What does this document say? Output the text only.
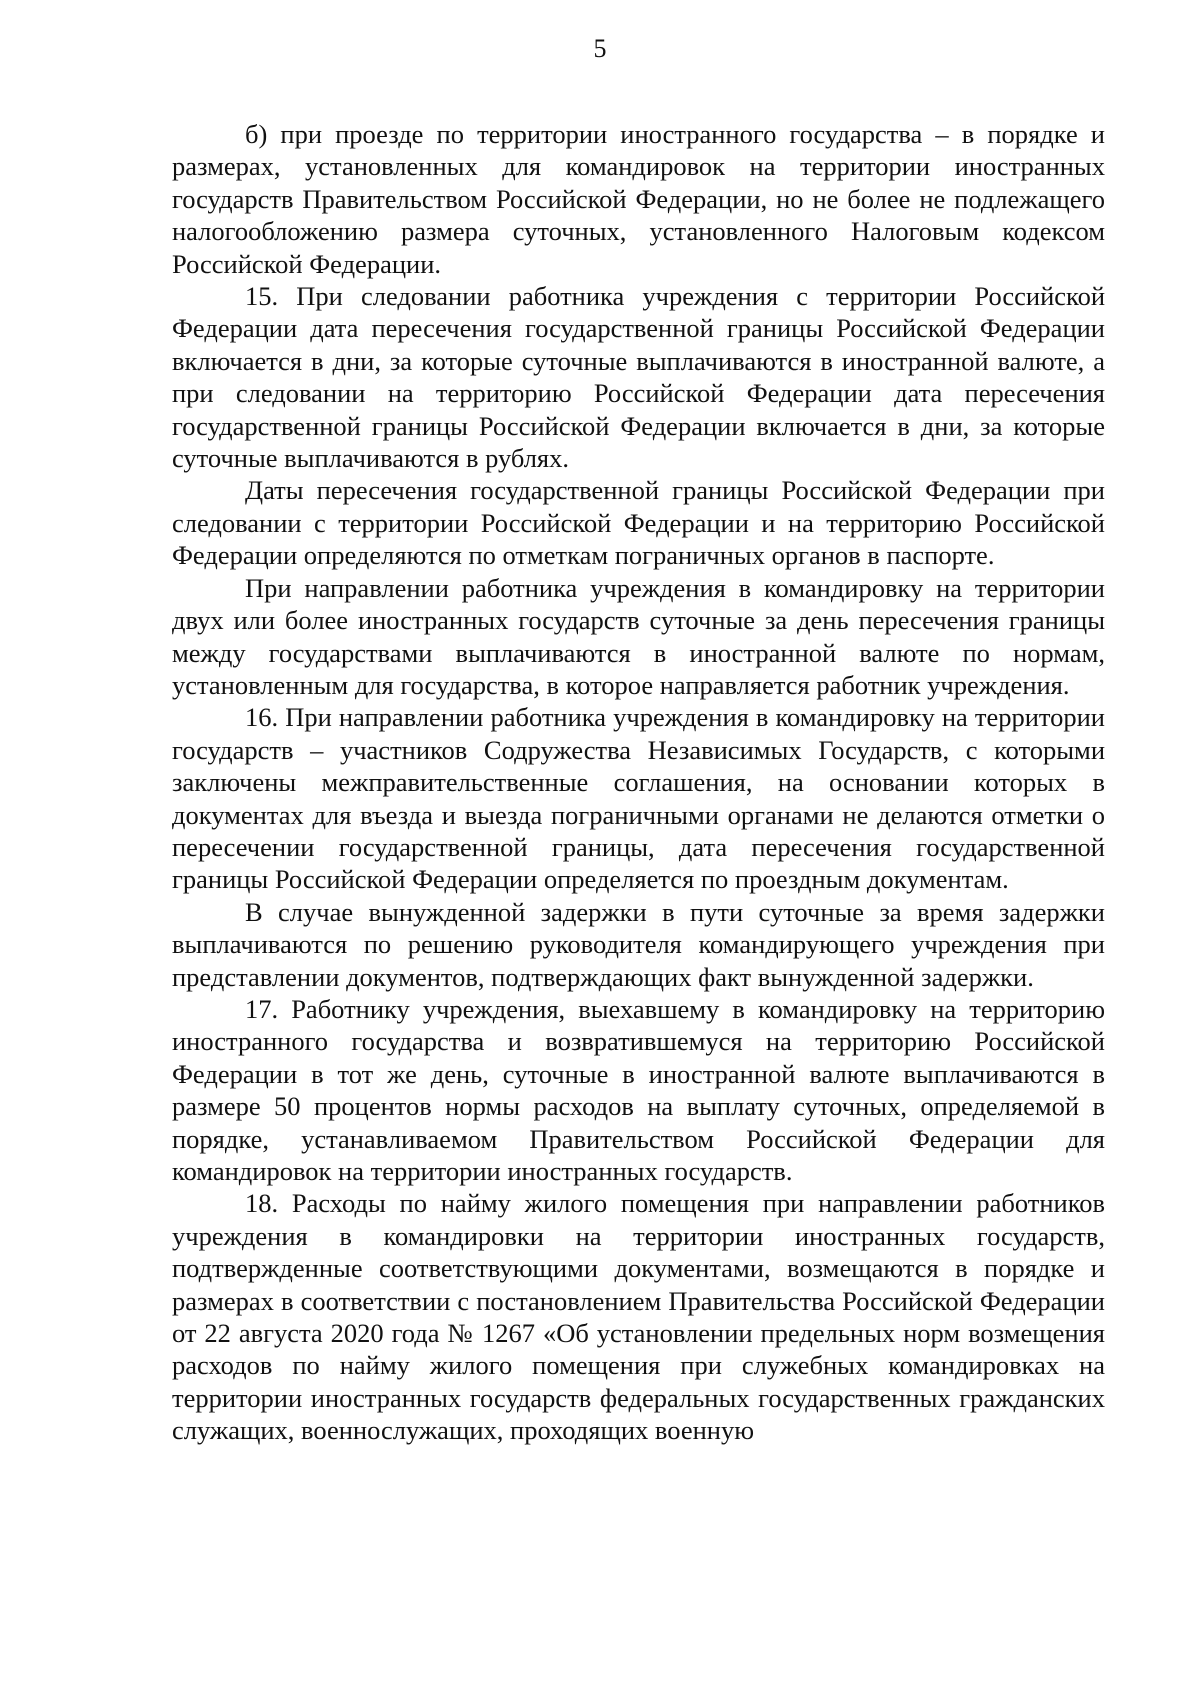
5

б) при проезде по территории иностранного государства – в порядке и размерах, установленных для командировок на территории иностранных государств Правительством Российской Федерации, но не более не подлежащего налогообложению размера суточных, установленного Налоговым кодексом Российской Федерации.

15. При следовании работника учреждения с территории Российской Федерации дата пересечения государственной границы Российской Федерации включается в дни, за которые суточные выплачиваются в иностранной валюте, а при следовании на территорию Российской Федерации дата пересечения государственной границы Российской Федерации включается в дни, за которые суточные выплачиваются в рублях.

Даты пересечения государственной границы Российской Федерации при следовании с территории Российской Федерации и на территорию Российской Федерации определяются по отметкам пограничных органов в паспорте.

При направлении работника учреждения в командировку на территории двух или более иностранных государств суточные за день пересечения границы между государствами выплачиваются в иностранной валюте по нормам, установленным для государства, в которое направляется работник учреждения.

16. При направлении работника учреждения в командировку на территории государств – участников Содружества Независимых Государств, с которыми заключены межправительственные соглашения, на основании которых в документах для въезда и выезда пограничными органами не делаются отметки о пересечении государственной границы, дата пересечения государственной границы Российской Федерации определяется по проездным документам.

В случае вынужденной задержки в пути суточные за время задержки выплачиваются по решению руководителя командирующего учреждения при представлении документов, подтверждающих факт вынужденной задержки.

17. Работнику учреждения, выехавшему в командировку на территорию иностранного государства и возвратившемуся на территорию Российской Федерации в тот же день, суточные в иностранной валюте выплачиваются в размере 50 процентов нормы расходов на выплату суточных, определяемой в порядке, устанавливаемом Правительством Российской Федерации для командировок на территории иностранных государств.

18. Расходы по найму жилого помещения при направлении работников учреждения в командировки на территории иностранных государств, подтвержденные соответствующими документами, возмещаются в порядке и размерах в соответствии с постановлением Правительства Российской Федерации от 22 августа 2020 года № 1267 «Об установлении предельных норм возмещения расходов по найму жилого помещения при служебных командировках на территории иностранных государств федеральных государственных гражданских служащих, военнослужащих, проходящих военную
